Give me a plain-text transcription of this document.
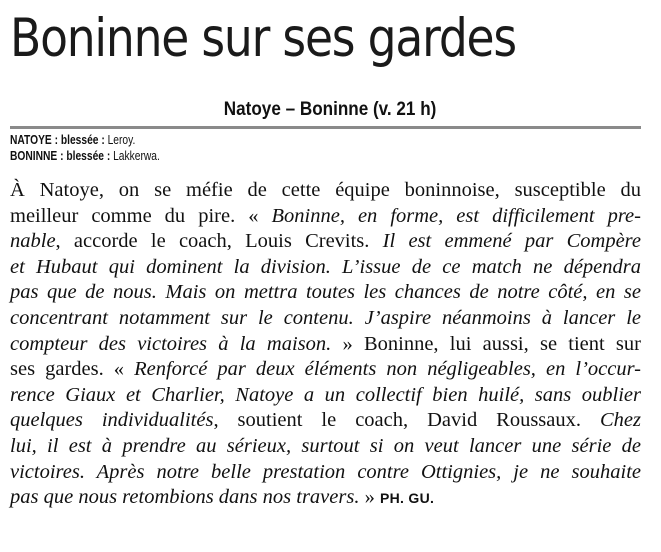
Boninne sur ses gardes
Natoye – Boninne (v. 21 h)
NATOYE : blessée : Leroy.
BONINNE : blessée : Lakkerwa.
À Natoye, on se méfie de cette équipe boninnoise, susceptible du
meilleur comme du pire. « Boninne, en forme, est difficilement pre-
nable, accorde le coach, Louis Crevits. Il est emmené par Compère
et Hubaut qui dominent la division. L’issue de ce match ne dépendra
pas que de nous. Mais on mettra toutes les chances de notre côté, en se
concentrant notamment sur le contenu. J’aspire néanmoins à lancer le
compteur des victoires à la maison. » Boninne, lui aussi, se tient sur
ses gardes. « Renforcé par deux éléments non négligeables, en l’occur-
rence Giaux et Charlier, Natoye a un collectif bien huilé, sans oublier
quelques individualités, soutient le coach, David Roussaux. Chez
lui, il est à prendre au sérieux, surtout si on veut lancer une série de
victoires. Après notre belle prestation contre Ottignies, je ne souhaite
pas que nous retombions dans nos travers. » PH. GU.
